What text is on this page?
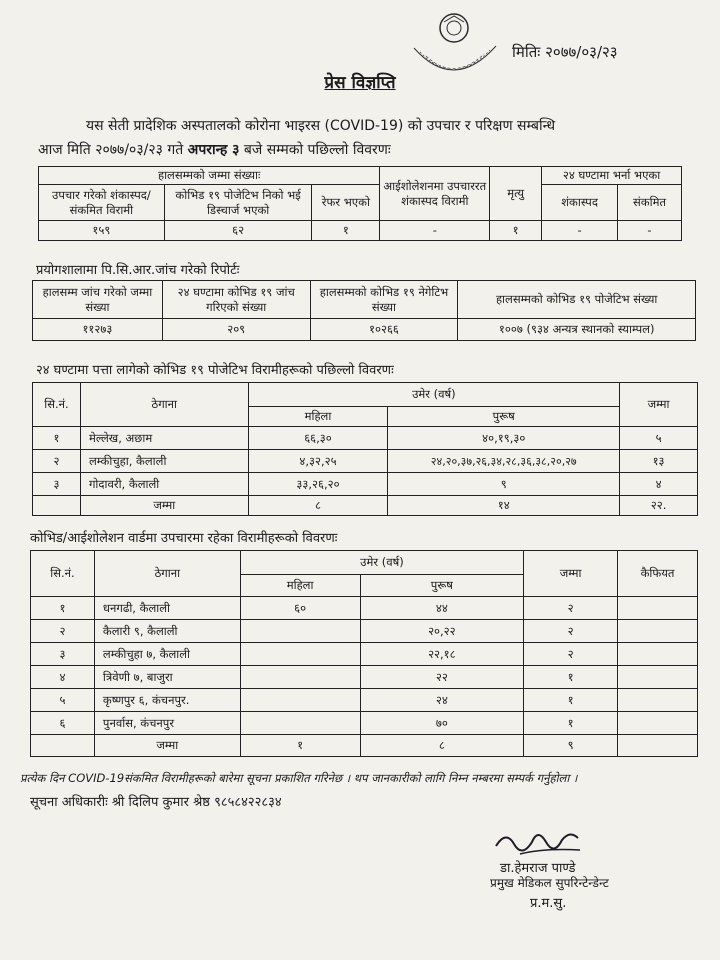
मितिः २०७७/०३/२३
प्रेस विज्ञप्ति
यस सेती प्रादेशिक अस्पतालको कोरोना भाइरस (COVID-19) को उपचार र परिक्षण सम्बन्धि
आज मिति २०७७/०३/२३ गते अपरान्ह ३ बजे सम्मको पछिल्लो विवरणः
हालसम्मको जम्मा संख्याः			आईशोलेशनमा उपचाररत शंकास्पद विरामी	मृत्यु	२४ घण्टामा भर्ना भएका	
उपचार गरेको शंकास्पद/संकमित विरामी	कोभिड १९ पोजेटिभ निको भई डिस्चार्ज भएको	रेफर भएको			शंकास्पद	संकमित
१५९	६२	१	-	१	-	-
प्रयोगशालामा पि.सि.आर.जांच गरेको रिपोर्टः
हालसम्म जांच गरेको जम्मा संख्या	२४ घण्टामा कोभिड १९ जांच गरिएको संख्या	हालसम्मको कोभिड १९ नेगेटिभ संख्या	हालसम्मको कोभिड १९ पोजेटिभ संख्या
११२७३	२०९	१०२६६	१००७ (९३४ अन्यत्र स्थानको स्याम्पल)
२४ घण्टामा पत्ता लागेको कोभिड १९ पोजेटिभ विरामीहरूको पछिल्लो विवरणः
सि.नं.	ठेगाना	उमेर (वर्ष)		जम्मा
		महिला	पुरूष	
१	मेल्लेख, अछाम	६६,३०	४०,१९,३०	५
२	लम्कीचुहा, कैलाली	४,३२,२५	२४,२०,३७,२६,३४,२८,३६,३८,२०,२७	१३
३	गोदावरी, कैलाली	३३,२६,२०	९	४
	जम्मा	८	१४	२२.
कोभिड/आईशोलेशन वार्डमा उपचारमा रहेका विरामीहरूको विवरणः
सि.नं.	ठेगाना	उमेर (वर्ष)		जम्मा	कैफियत
		महिला	पुरूष		
१	धनगढी, कैलाली	६०	४४	२	
२	कैलारी ९, कैलाली		२०,२२	२	
३	लम्कीचुहा ७, कैलाली		२२,१८	२	
४	त्रिवेणी ७, बाजुरा		२२	१	
५	कृष्णपुर ६, कंचनपुर.		२४	१	
६	पुनर्वास, कंचनपुर		७०	१	
	जम्मा	१	८	९	
प्रत्येक दिन COVID-19संकमित विरामीहरूको बारेमा सूचना प्रकाशित गरिनेछ । थप जानकारीको लागि निम्न नम्बरमा सम्पर्क गर्नुहोला ।
सूचना अधिकारीः श्री दिलिप कुमार श्रेष्ठ ९८५८४२२८३४
डा.हेमराज पाण्डे
प्रमुख मेडिकल सुपरिन्टेन्डेन्ट
प्र.म.सु.
